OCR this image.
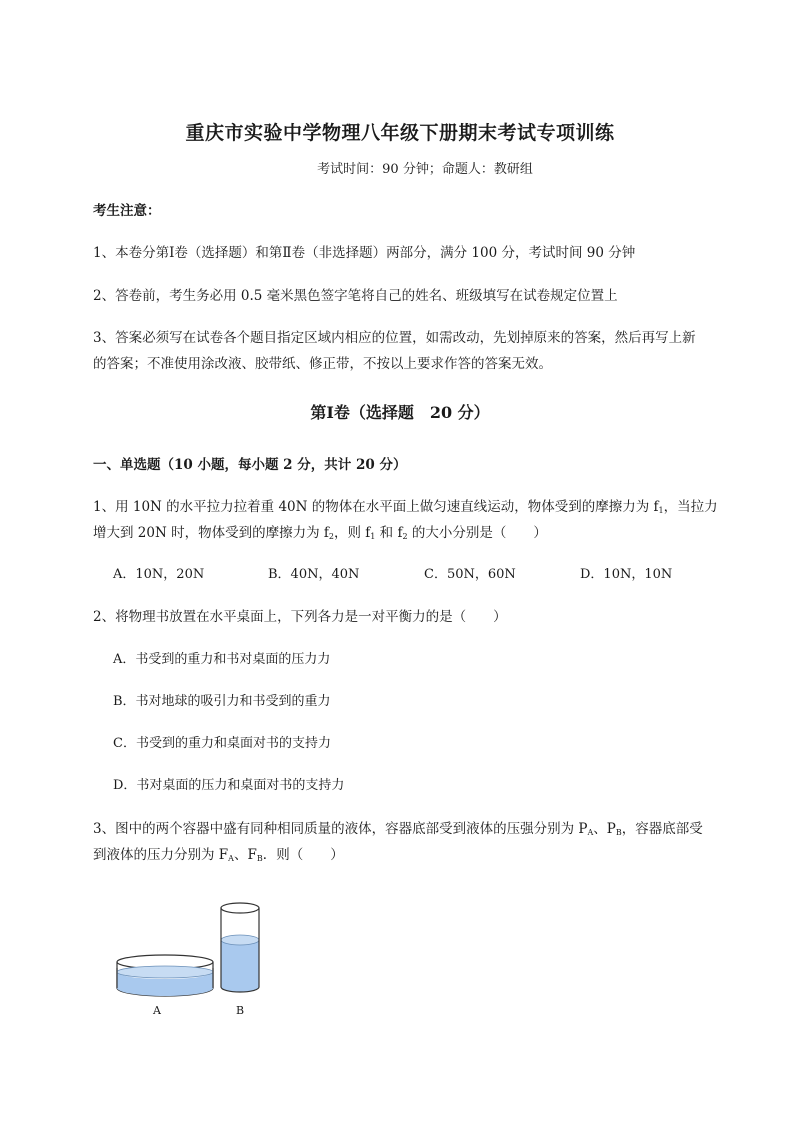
重庆市实验中学物理八年级下册期末考试专项训练
考试时间：90 分钟；命题人：教研组
考生注意：
1、本卷分第Ⅰ卷（选择题）和第Ⅱ卷（非选择题）两部分，满分 100 分，考试时间 90 分钟
2、答卷前，考生务必用 0.5 毫米黑色签字笔将自己的姓名、班级填写在试卷规定位置上
3、答案必须写在试卷各个题目指定区域内相应的位置，如需改动，先划掉原来的答案，然后再写上新
的答案；不准使用涂改液、胶带纸、修正带，不按以上要求作答的答案无效。
第Ⅰ卷（选择题　20 分）
一、单选题（10 小题，每小题 2 分，共计 20 分）
1、用 10N 的水平拉力拉着重 40N 的物体在水平面上做匀速直线运动，物体受到的摩擦力为 $f_1$，当拉力
增大到 20N 时，物体受到的摩擦力为 $f_2$，则 $f_1$ 和 $f_2$ 的大小分别是（　　）
A．10N，20N	B．40N，40N	C．50N，60N	D．10N，10N
2、将物理书放置在水平桌面上，下列各力是一对平衡力的是（　　）
A．书受到的重力和书对桌面的压力力
B．书对地球的吸引力和书受到的重力
C．书受到的重力和桌面对书的支持力
D．书对桌面的压力和桌面对书的支持力
3、图中的两个容器中盛有同种相同质量的液体，容器底部受到液体的压强分别为 $P_A$、$P_B$，容器底部受
到液体的压力分别为 $F_A$、$F_B$．则（　　）
A	B
